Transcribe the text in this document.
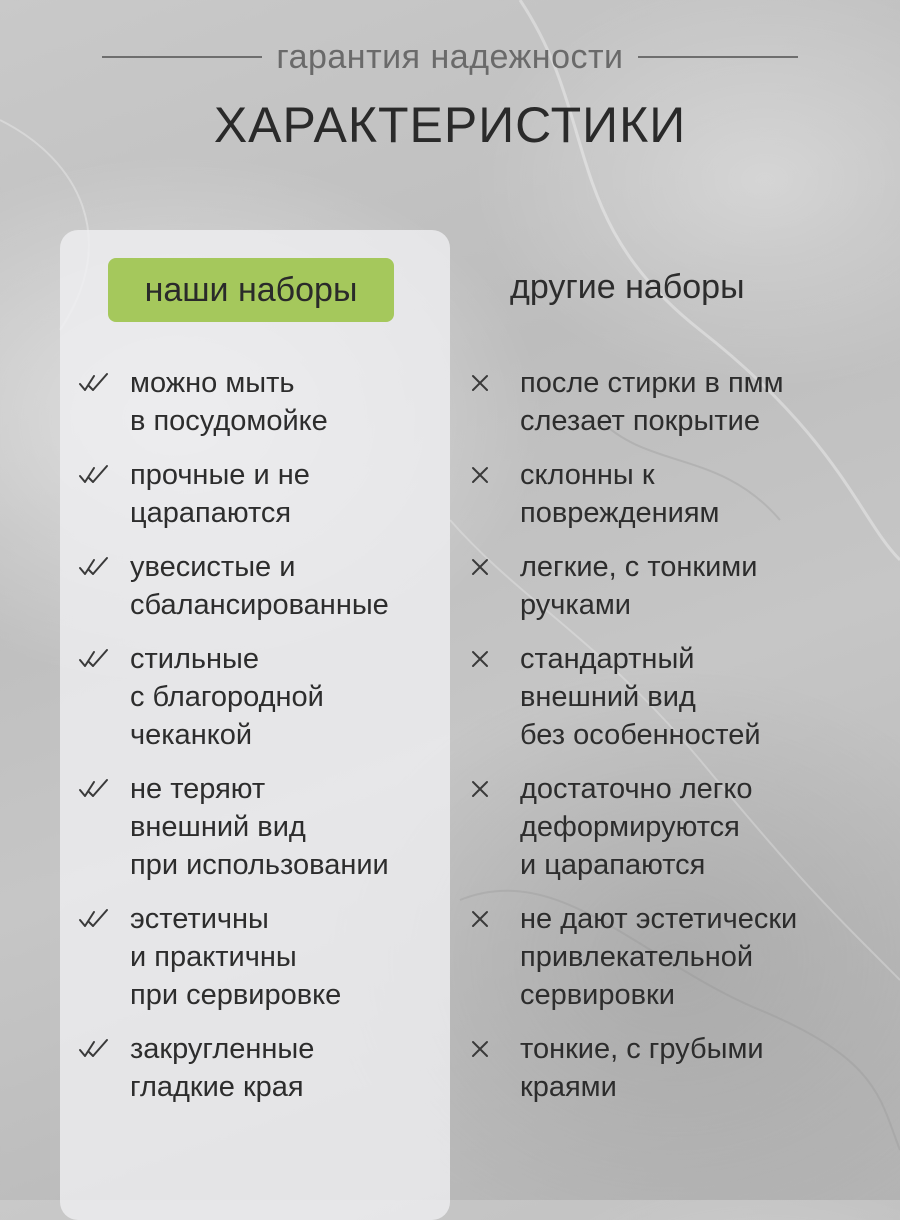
гарантия надежности
ХАРАКТЕРИСТИКИ
наши наборы	другие наборы
можно мыть
в посудомойке
прочные и не
царапаются
увесистые и
сбалансированные
стильные
с благородной
чеканкой
не теряют
внешний вид
при использовании
эстетичны
и практичны
при сервировке
закругленные
гладкие края
после стирки в пмм
слезает покрытие
склонны к
повреждениям
легкие, с тонкими
ручками
стандартный
внешний вид
без особенностей
достаточно легко
деформируются
и царапаются
не дают эстетически
привлекательной
сервировки
тонкие, с грубыми
краями
